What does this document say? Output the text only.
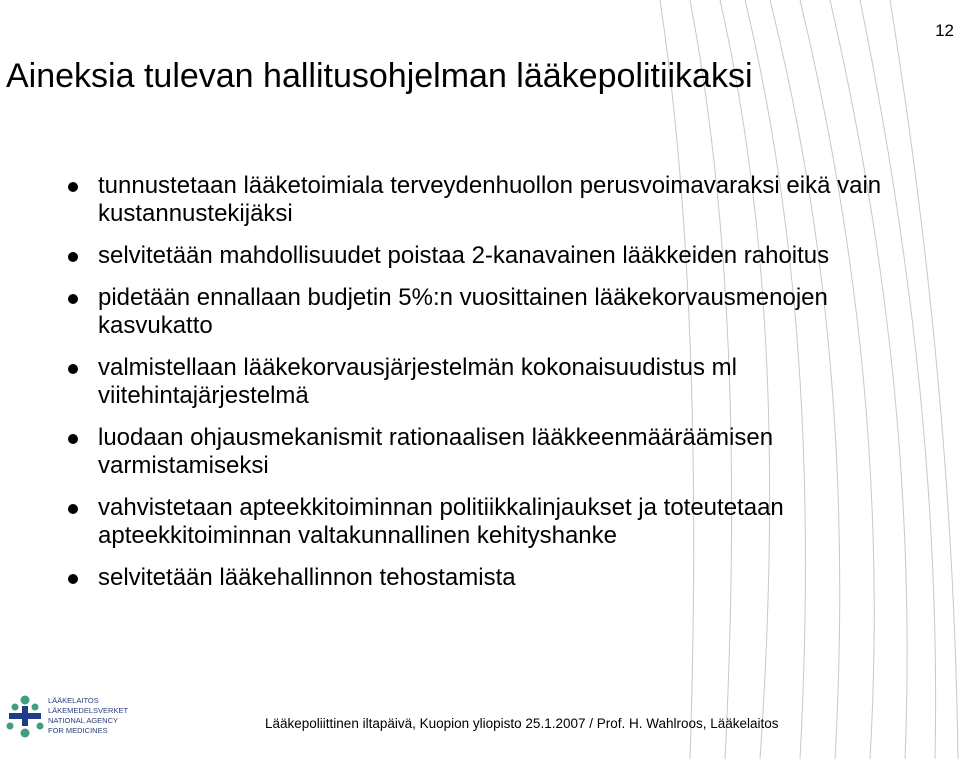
12
Aineksia tulevan hallitusohjelman lääkepolitiikaksi
tunnustetaan lääketoimiala terveydenhuollon perusvoimavaraksi eikä vain kustannustekijäksi
selvitetään mahdollisuudet poistaa 2-kanavainen lääkkeiden rahoitus
pidetään ennallaan budjetin 5%:n vuosittainen lääkekorvausmenojen kasvukatto
valmistellaan lääkekorvausjärjestelmän kokonaisuudistus ml viitehintajärjestelmä
luodaan ohjausmekanismit rationaalisen lääkkeenmääräämisen varmistamiseksi
vahvistetaan apteekkitoiminnan politiikkalinjaukset ja toteutetaan apteekkitoiminnan valtakunnallinen kehityshanke
selvitetään lääkehallinnon tehostamista
LÄÄKELAITOS
LÄKEMEDELSVERKET
NATIONAL AGENCY
FOR MEDICINES	Lääkepoliittinen iltapäivä, Kuopion yliopisto 25.1.2007 / Prof. H. Wahlroos, Lääkelaitos
